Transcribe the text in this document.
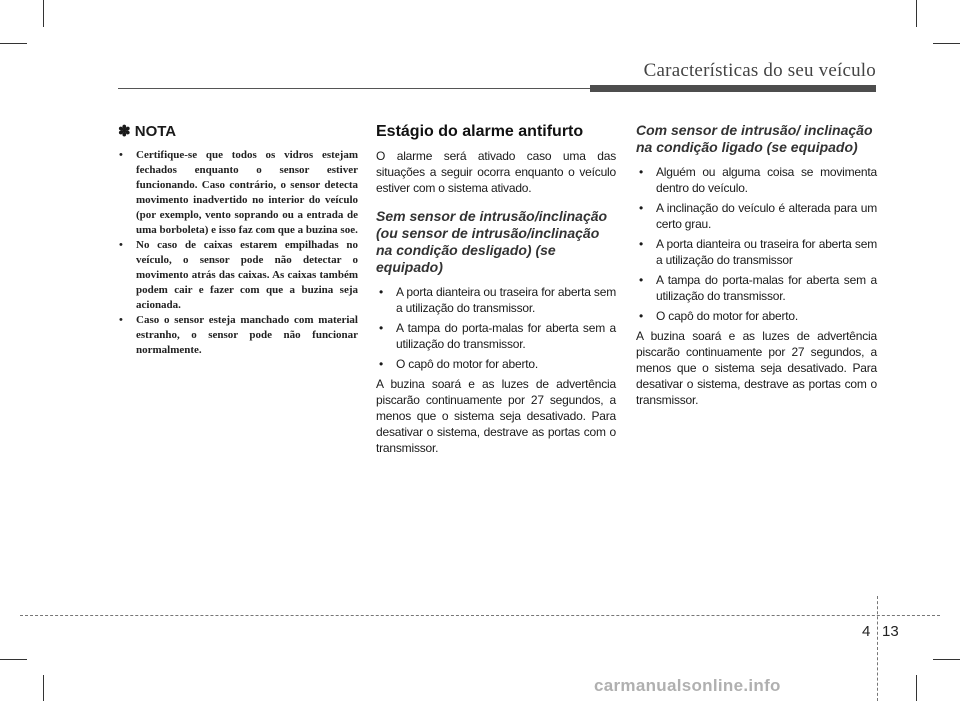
Características do seu veículo
✽ NOTA
• Certifique-se que todos os vidros estejam fechados enquanto o sensor estiver funcionando. Caso contrário, o sensor detecta movimento inadvertido no interior do veículo (por exemplo, vento soprando ou a entrada de uma borboleta) e isso faz com que a buzina soe.
• No caso de caixas estarem empilhadas no veículo, o sensor pode não detectar o movimento atrás das caixas. As caixas também podem cair e fazer com que a buzina seja acionada.
• Caso o sensor esteja manchado com material estranho, o sensor pode não funcionar normalmente.
Estágio do alarme antifurto

O alarme será ativado caso uma das situações a seguir ocorra enquanto o veículo estiver com o sistema ativado.

Sem sensor de intrusão/inclinação (ou sensor de intrusão/inclinação na condição desligado) (se equipado)
• A porta dianteira ou traseira for aberta sem a utilização do transmissor.
• A tampa do porta-malas for aberta sem a utilização do transmissor.
• O capô do motor for aberto.

A buzina soará e as luzes de advertência piscarão continuamente por 27 segundos, a menos que o sistema seja desativado. Para desativar o sistema, destrave as portas com o transmissor.

Com sensor de intrusão/ inclinação na condição ligado (se equipado)
• Alguém ou alguma coisa se movimenta dentro do veículo.
• A inclinação do veículo é alterada para um certo grau.
• A porta dianteira ou traseira for aberta sem a utilização do transmissor
• A tampa do porta-malas for aberta sem a utilização do transmissor.
• O capô do motor for aberto.

A buzina soará e as luzes de advertência piscarão continuamente por 27 segundos, a menos que o sistema seja desativado. Para desativar o sistema, destrave as portas com o transmissor.

4 13
carmanualsonline.info
